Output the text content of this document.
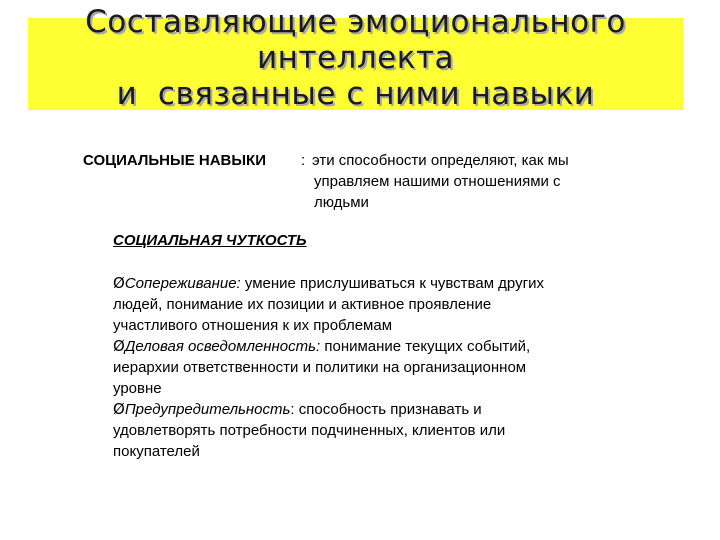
Составляющие эмоционального
интеллекта
и  связанные с ними навыки
СОЦИАЛЬНЫЕ НАВЫКИ : эти способности определяют, как мы
управляем нашими отношениями с
людьми
СОЦИАЛЬНАЯ ЧУТКОСТЬ
ØСопереживание: умение прислушиваться к чувствам других
людей, понимание их позиции и активное проявление
участливого отношения к их проблемам
ØДеловая осведомленность: понимание текущих событий,
иерархии ответственности и политики на организационном
уровне
ØПредупредительность: способность признавать и
удовлетворять потребности подчиненных, клиентов или
покупателей
